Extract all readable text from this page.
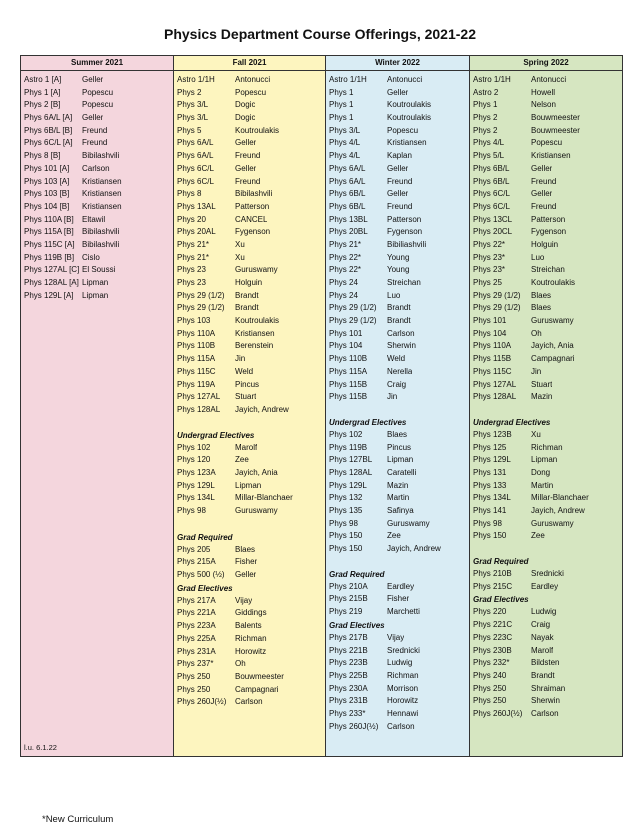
Physics Department Course Offerings, 2021-22
Summer 2021
Astro 1 [A]	Geller
Phys 1 [A]	Popescu
Phys 2 [B]	Popescu
Phys 6A/L [A]	Geller
Phys 6B/L [B]	Freund
Phys 6C/L [A]	Freund
Phys 8 [B]	Bibilashvili
Phys 101 [A]	Carlson
Phys 103 [A]	Kristiansen
Phys 103 [B]	Kristiansen
Phys 104 [B]	Kristiansen
Phys 110A [B]	Eltawil
Phys 115A [B]	Bibilashvili
Phys 115C [A] Bibilashvili
Phys 119B [B] Cislo
Phys 127AL [C] El Soussi
Phys 128AL [A] Lipman
Phys 129L [A]	Lipman
l.u. 6.1.22
Fall 2021
Astro 1/1H	Antonucci
Phys 2	Popescu
Phys 3/L	Dogic
Phys 3/L	Dogic
Phys 5	Koutroulakis
Phys 6A/L	Geller
Phys 6A/L	Freund
Phys 6C/L	Geller
Phys 6C/L	Freund
Phys 8	Bibilashvili
Phys 13AL	Patterson
Phys 20	CANCEL
Phys 20AL	Fygenson
Phys 21*	Xu
Phys 21*	Xu
Phys 23	Guruswamy
Phys 23	Holguin
Phys 29 (1/2)	Brandt
Phys 29 (1/2)	Brandt
Phys 103	Koutroulakis
Phys 110A	Kristiansen
Phys 110B	Berenstein
Phys 115A	Jin
Phys 115C	Weld
Phys 119A	Pincus
Phys 127AL	Stuart
Phys 128AL	Jayich, Andrew
Undergrad Electives
Phys 102	Marolf
Phys 120	Zee
Phys 123A	Jayich, Ania
Phys 129L	Lipman
Phys 134L	Millar-Blanchaer
Phys 98	Guruswamy
Grad Required
Phys 205	Blaes
Phys 215A	Fisher
Phys 500 (½)	Geller
Grad Electives
Phys 217A	Vijay
Phys 221A	Giddings
Phys 223A	Balents
Phys 225A	Richman
Phys 231A	Horowitz
Phys 237*	Oh
Phys 250	Bouwmeester
Phys 250	Campagnari
Phys 260J(½)	Carlson
Winter 2022
Astro 1/1H	Antonucci
Phys 1	Geller
Phys 1	Koutroulakis
Phys 1	Koutroulakis
Phys 3/L	Popescu
Phys 4/L	Kristiansen
Phys 4/L	Kaplan
Phys 6A/L	Geller
Phys 6A/L	Freund
Phys 6B/L	Geller
Phys 6B/L	Freund
Phys 13BL	Patterson
Phys 20BL	Fygenson
Phys 21*	Bibiliashvili
Phys 22*	Young
Phys 22*	Young
Phys 24	Streichan
Phys 24	Luo
Phys 29 (1/2)	Brandt
Phys 29 (1/2)	Brandt
Phys 101	Carlson
Phys 104	Sherwin
Phys 110B	Weld
Phys 115A	Nerella
Phys 115B	Craig
Phys 115B	Jin
Undergrad Electives
Phys 102	Blaes
Phys 119B	Pincus
Phys 127BL	Lipman
Phys 128AL	Caratelli
Phys 129L	Mazin
Phys 132	Martin
Phys 135	Safinya
Phys 98	Guruswamy
Phys 150	Zee
Phys 150	Jayich, Andrew
Grad Required
Phys 210A	Eardley
Phys 215B	Fisher
Phys 219	Marchetti
Grad Electives
Phys 217B	Vijay
Phys 221B	Srednicki
Phys 223B	Ludwig
Phys 225B	Richman
Phys 230A	Morrison
Phys 231B	Horowitz
Phys 233*	Hennawi
Phys 260J(½)	Carlson
Spring 2022
Astro 1/1H	Antonucci
Astro 2	Howell
Phys 1	Nelson
Phys 2	Bouwmeester
Phys 2	Bouwmeester
Phys 4/L	Popescu
Phys 5/L	Kristiansen
Phys 6B/L	Geller
Phys 6B/L	Freund
Phys 6C/L	Geller
Phys 6C/L	Freund
Phys 13CL	Patterson
Phys 20CL	Fygenson
Phys 22*	Holguin
Phys 23*	Luo
Phys 23*	Streichan
Phys 25	Koutroulakis
Phys 29 (1/2)	Blaes
Phys 29 (1/2)	Blaes
Phys 101	Guruswamy
Phys 104	Oh
Phys 110A	Jayich, Ania
Phys 115B	Campagnari
Phys 115C	Jin
Phys 127AL	Stuart
Phys 128AL	Mazin
Undergrad Electives
Phys 123B	Xu
Phys 125	Richman
Phys 129L	Lipman
Phys 131	Dong
Phys 133	Martin
Phys 134L	Millar-Blanchaer
Phys 141	Jayich, Andrew
Phys 98	Guruswamy
Phys 150	Zee
Grad Required
Phys 210B	Srednicki
Phys 215C	Eardley
Grad Electives
Phys 220	Ludwig
Phys 221C	Craig
Phys 223C	Nayak
Phys 230B	Marolf
Phys 232*	Bildsten
Phys 240	Brandt
Phys 250	Shraiman
Phys 250	Sherwin
Phys 260J(½)	Carlson
*New Curriculum
